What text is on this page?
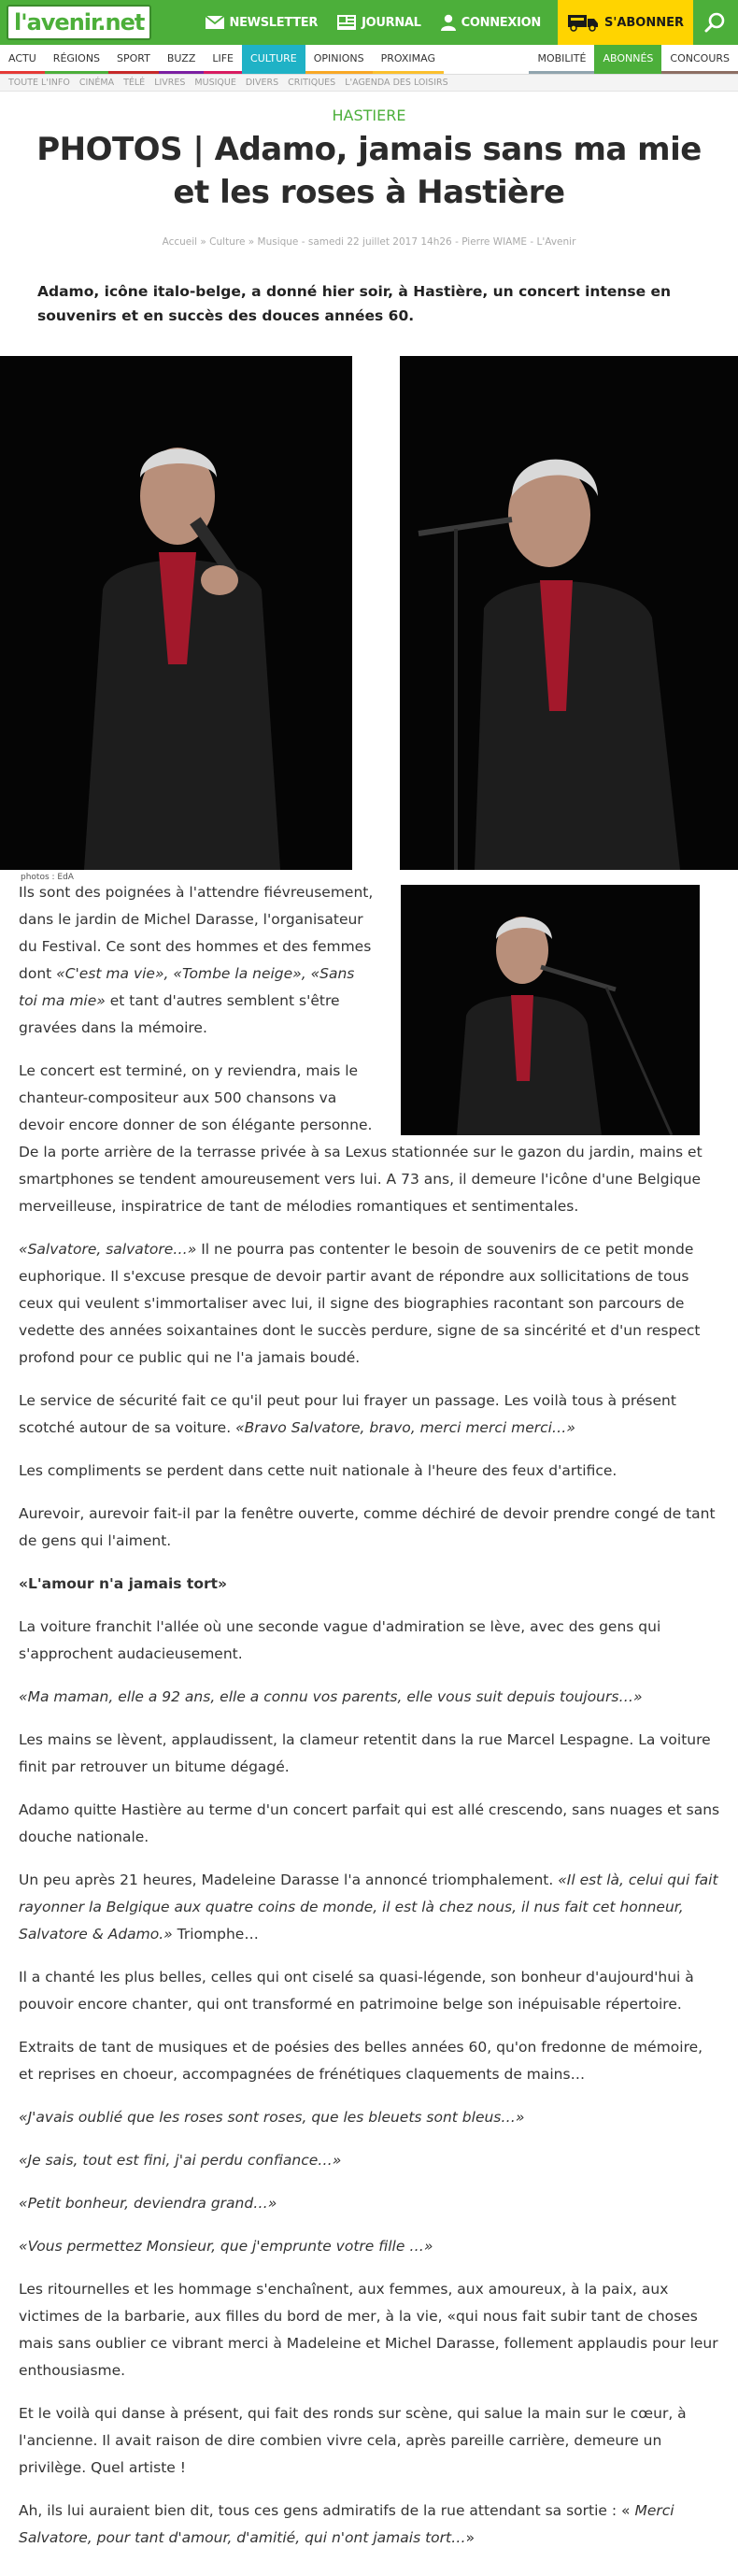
l'avenir.net	NEWSLETTER	JOURNAL	CONNEXION	S'ABONNER
ACTU	RÉGIONS	SPORT	BUZZ	LIFE	CULTURE	OPINIONS	PROXIMAG	MOBILITÉ	ABONNÉS	CONCOURS
TOUTE L'INFO	CINÉMA	TÉLÉ	LIVRES	MUSIQUE	DIVERS	CRITIQUES	L'AGENDA DES LOISIRS
HASTIERE
PHOTOS | Adamo, jamais sans ma mie et les roses à Hastière
Accueil » Culture » Musique - samedi 22 juillet 2017 14h26 - Pierre WIAME - L'Avenir

Adamo, icône italo-belge, a donné hier soir, à Hastière, un concert intense en souvenirs et en succès des douces années 60.

photos : EdA

Ils sont des poignées à l'attendre fiévreusement, dans le jardin de Michel Darasse, l'organisateur du Festival. Ce sont des hommes et des femmes dont «C'est ma vie», «Tombe la neige», «Sans toi ma mie» et tant d'autres semblent s'être gravées dans la mémoire.

Le concert est terminé, on y reviendra, mais le chanteur-compositeur aux 500 chansons va devoir encore donner de son élégante personne.

De la porte arrière de la terrasse privée à sa Lexus stationnée sur le gazon du jardin, mains et smartphones se tendent amoureusement vers lui. A 73 ans, il demeure l'icône d'une Belgique merveilleuse, inspiratrice de tant de mélodies romantiques et sentimentales.

«Salvatore, salvatore…» Il ne pourra pas contenter le besoin de souvenirs de ce petit monde euphorique. Il s'excuse presque de devoir partir avant de répondre aux sollicitations de tous ceux qui veulent s'immortaliser avec lui, il signe des biographies racontant son parcours de vedette des années soixantaines dont le succès perdure, signe de sa sincérité et d'un respect profond pour ce public qui ne l'a jamais boudé.

Le service de sécurité fait ce qu'il peut pour lui frayer un passage. Les voilà tous à présent scotché autour de sa voiture. «Bravo Salvatore, bravo, merci merci merci…»

Les compliments se perdent dans cette nuit nationale à l'heure des feux d'artifice.

Aurevoir, aurevoir fait-il par la fenêtre ouverte, comme déchiré de devoir prendre congé de tant de gens qui l'aiment.

«L'amour n'a jamais tort»

La voiture franchit l'allée où une seconde vague d'admiration se lève, avec des gens qui s'approchent audacieusement.

«Ma maman, elle a 92 ans, elle a connu vos parents, elle vous suit depuis toujours…»

Les mains se lèvent, applaudissent, la clameur retentit dans la rue Marcel Lespagne. La voiture finit par retrouver un bitume dégagé.

Adamo quitte Hastière au terme d'un concert parfait qui est allé crescendo, sans nuages et sans douche nationale.

Un peu après 21 heures, Madeleine Darasse l'a annoncé triomphalement. «Il est là, celui qui fait rayonner la Belgique aux quatre coins de monde, il est là chez nous, il nus fait cet honneur, Salvatore & Adamo.» Triomphe…

Il a chanté les plus belles, celles qui ont ciselé sa quasi-légende, son bonheur d'aujourd'hui à pouvoir encore chanter, qui ont transformé en patrimoine belge son inépuisable répertoire.

Extraits de tant de musiques et de poésies des belles années 60, qu'on fredonne de mémoire, et reprises en choeur, accompagnées de frénétiques claquements de mains…

«J'avais oublié que les roses sont roses, que les bleuets sont bleus…»

«Je sais, tout est fini, j'ai perdu confiance…»

«Petit bonheur, deviendra grand…»

«Vous permettez Monsieur, que j'emprunte votre fille …»

Les ritournelles et les hommage s'enchaînent, aux femmes, aux amoureux, à la paix, aux victimes de la barbarie, aux filles du bord de mer, à la vie, «qui nous fait subir tant de choses mais sans oublier ce vibrant merci à Madeleine et Michel Darasse, follement applaudis pour leur enthousiasme.

Et le voilà qui danse à présent, qui fait des ronds sur scène, qui salue la main sur le cœur, à l'ancienne. Il avait raison de dire combien vivre cela, après pareille carrière, demeure un privilège. Quel artiste !

Ah, ils lui auraient bien dit, tous ces gens admiratifs de la rue attendant sa sortie : « Merci Salvatore, pour tant d'amour, d'amitié, qui n'ont jamais tort…»
